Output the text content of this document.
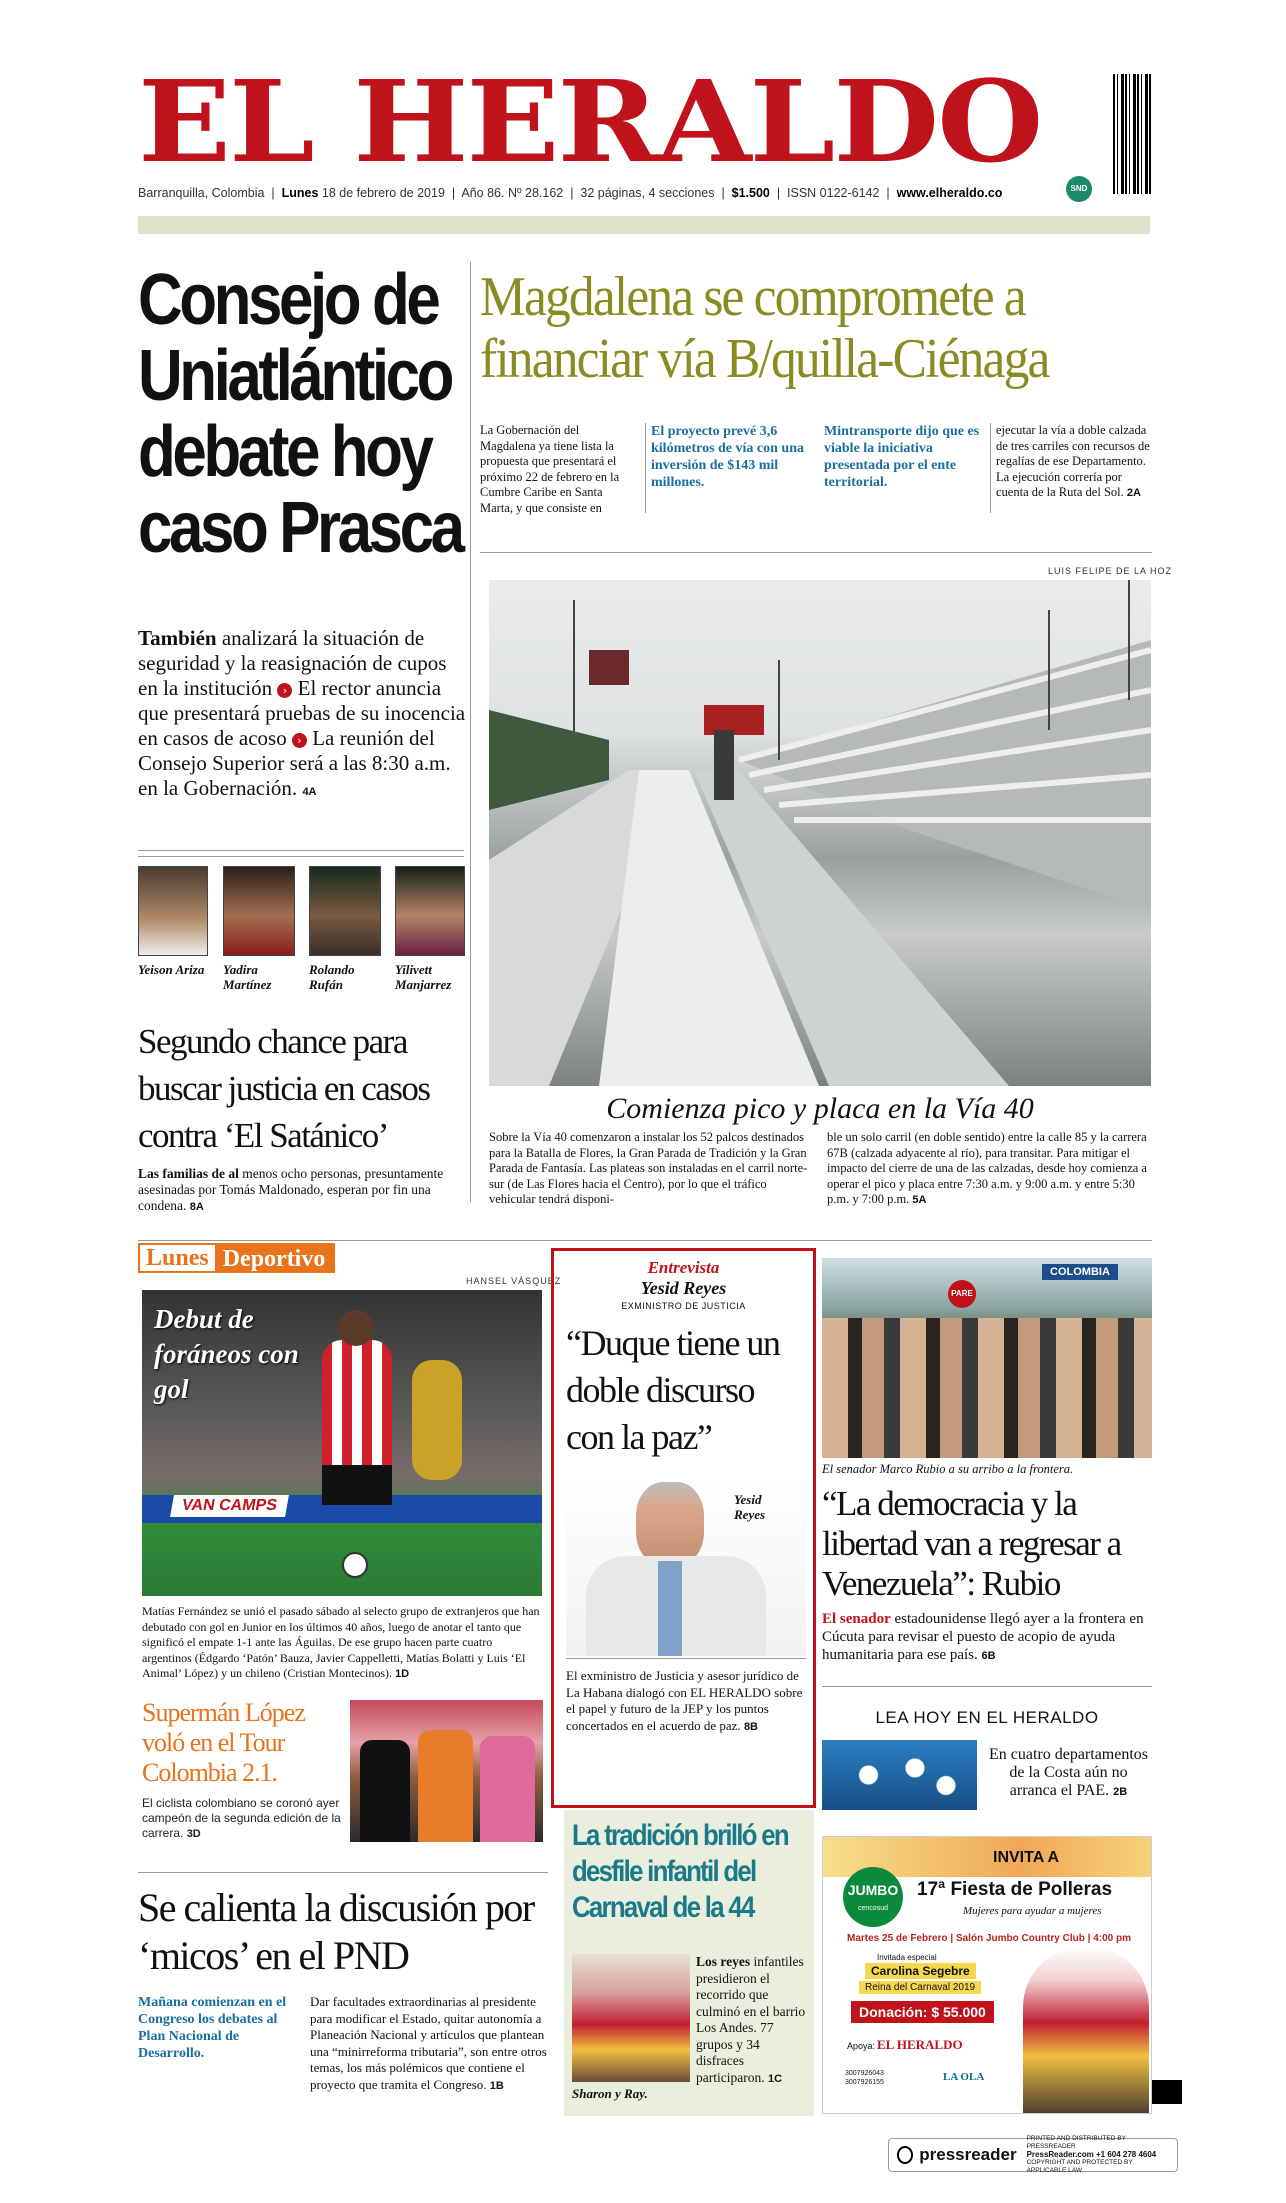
EL HERALDO
SND
Barranquilla, Colombia  |  Lunes 18 de febrero de 2019  |  Año 86. Nº 28.162  |  32 páginas, 4 secciones  |  $1.500  |  ISSN 0122-6142  |  www.elheraldo.co
Consejo de Uniatlántico debate hoy caso Prasca
También analizará la situación de seguridad y la reasignación de cupos en la institución › El rector anuncia que presentará pruebas de su inocencia en casos de acoso › La reunión del Consejo Superior será a las 8:30 a.m. en la Gobernación. 4A
Yeison Ariza Yadira Martínez
Rolando Rufán
Yilivett Manjarrez
Segundo chance para buscar justicia en casos contra ‘El Satánico’
Las familias de al menos ocho personas, presuntamente asesinadas por Tomás Maldonado, esperan por fin una condena. 8A
Magdalena se compromete a financiar vía B/quilla-Ciénaga
La Gobernación del Magdalena ya tiene lista la propuesta que presentará el próximo 22 de febrero en la Cumbre Caribe en Santa Marta, y que consiste en
El proyecto prevé 3,6 kilómetros de vía con una inversión de $143 mil millones.
Mintransporte dijo que es viable la iniciativa presentada por el ente territorial.
ejecutar la vía a doble calzada de tres carriles con recursos de regalías de ese Departamento. La ejecución correría por cuenta de la Ruta del Sol. 2A
LUIS FELIPE DE LA HOZ
Comienza pico y placa en la Vía 40
Sobre la Vía 40 comenzaron a instalar los 52 palcos destinados para la Batalla de Flores, la Gran Parada de Tradición y la Gran Parada de Fantasía. Las plateas son instaladas en el carril norte-sur (de Las Flores hacia el Centro), por lo que el tráfico vehicular tendrá disponi-
ble un solo carril (en doble sentido) entre la calle 85 y la carrera 67B (calzada adyacente al río), para transitar. Para mitigar el impacto del cierre de una de las calzadas, desde hoy comienza a operar el pico y placa entre 7:30 a.m. y 9:00 a.m. y entre 5:30 p.m. y 7:00 p.m. 5A
Lunes Deportivo
HANSEL VÁSQUEZ
VAN CAMPS
Debut de foráneos con gol
Matías Fernández se unió el pasado sábado al selecto grupo de extranjeros que han debutado con gol en Junior en los últimos 40 años, luego de anotar el tanto que significó el empate 1-1 ante las Águilas. De ese grupo hacen parte cuatro argentinos (Édgardo ‘Patón’ Bauza, Javier Cappelletti, Matías Bolatti y Luis ‘El Animal’ López) y un chileno (Cristian Montecinos). 1D
Supermán López voló en el Tour Colombia 2.1.
El ciclista colombiano se coronó ayer campeón de la segunda edición de la carrera. 3D
Entrevista
Yesid Reyes
EXMINISTRO DE JUSTICIA
“Duque tiene un doble discurso con la paz”
Yesid Reyes
El exministro de Justicia y asesor jurídico de La Habana dialogó con EL HERALDO sobre el papel y futuro de la JEP y los puntos concertados en el acuerdo de paz. 8B
COLOMBIA
PARE
El senador Marco Rubio a su arribo a la frontera.
“La democracia y la libertad van a regresar a Venezuela”: Rubio
El senador estadounidense llegó ayer a la frontera en Cúcuta para revisar el puesto de acopio de ayuda humanitaria para ese país. 6B
LEA HOY EN EL HERALDO
En cuatro departamentos de la Costa aún no arranca el PAE. 2B
La tradición brilló en desfile infantil del Carnaval de la 44
Sharon y Ray.
Los reyes infantiles presidieron el recorrido que culminó en el barrio Los Andes. 77 grupos y 34 disfraces participaron. 1C
INVITA A
JUMBO
cencosud
17ª Fiesta de Polleras
Mujeres para ayudar a mujeres
Martes 25 de Febrero | Salón Jumbo Country Club | 4:00 pm
Invitada especial
Carolina Segebre
Reina del Carnaval 2019
Donación: $ 55.000
Apoya: EL HERALDO
3007926043 3007926155	LA OLA
Se calienta la discusión por ‘micos’ en el PND
Mañana comienzan en el Congreso los debates al Plan Nacional de Desarrollo.
Dar facultades extraordinarias al presidente para modificar el Estado, quitar autonomía a Planeación Nacional y artículos que plantean una “minirreforma tributaria”, son entre otros temas, los más polémicos que contiene el proyecto que tramita el Congreso. 1B
pressreader
PRINTED AND DISTRIBUTED BY PRESSREADER
PressReader.com +1 604 278 4604
COPYRIGHT AND PROTECTED BY APPLICABLE LAW
